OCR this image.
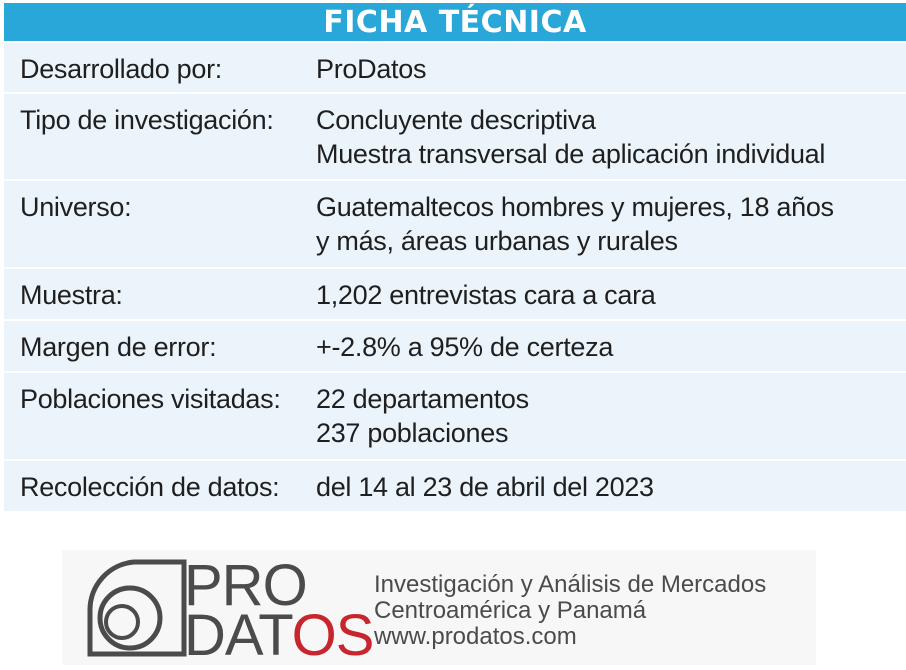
FICHA TÉCNICA
Desarrollado por:	ProDatos
Tipo de investigación: Concluyente descriptiva
Muestra transversal de aplicación individual
Universo:	Guatemaltecos hombres y mujeres, 18 años
y más, áreas urbanas y rurales
Muestra:	1,202 entrevistas cara a cara
Margen de error:	+-2.8% a 95% de certeza
Poblaciones visitadas: 22 departamentos
237 poblaciones
Recolección de datos: del 14 al 23 de abril del 2023
PRO
DATOS
Investigación y Análisis de Mercados
Centroamérica y Panamá
www.prodatos.com
